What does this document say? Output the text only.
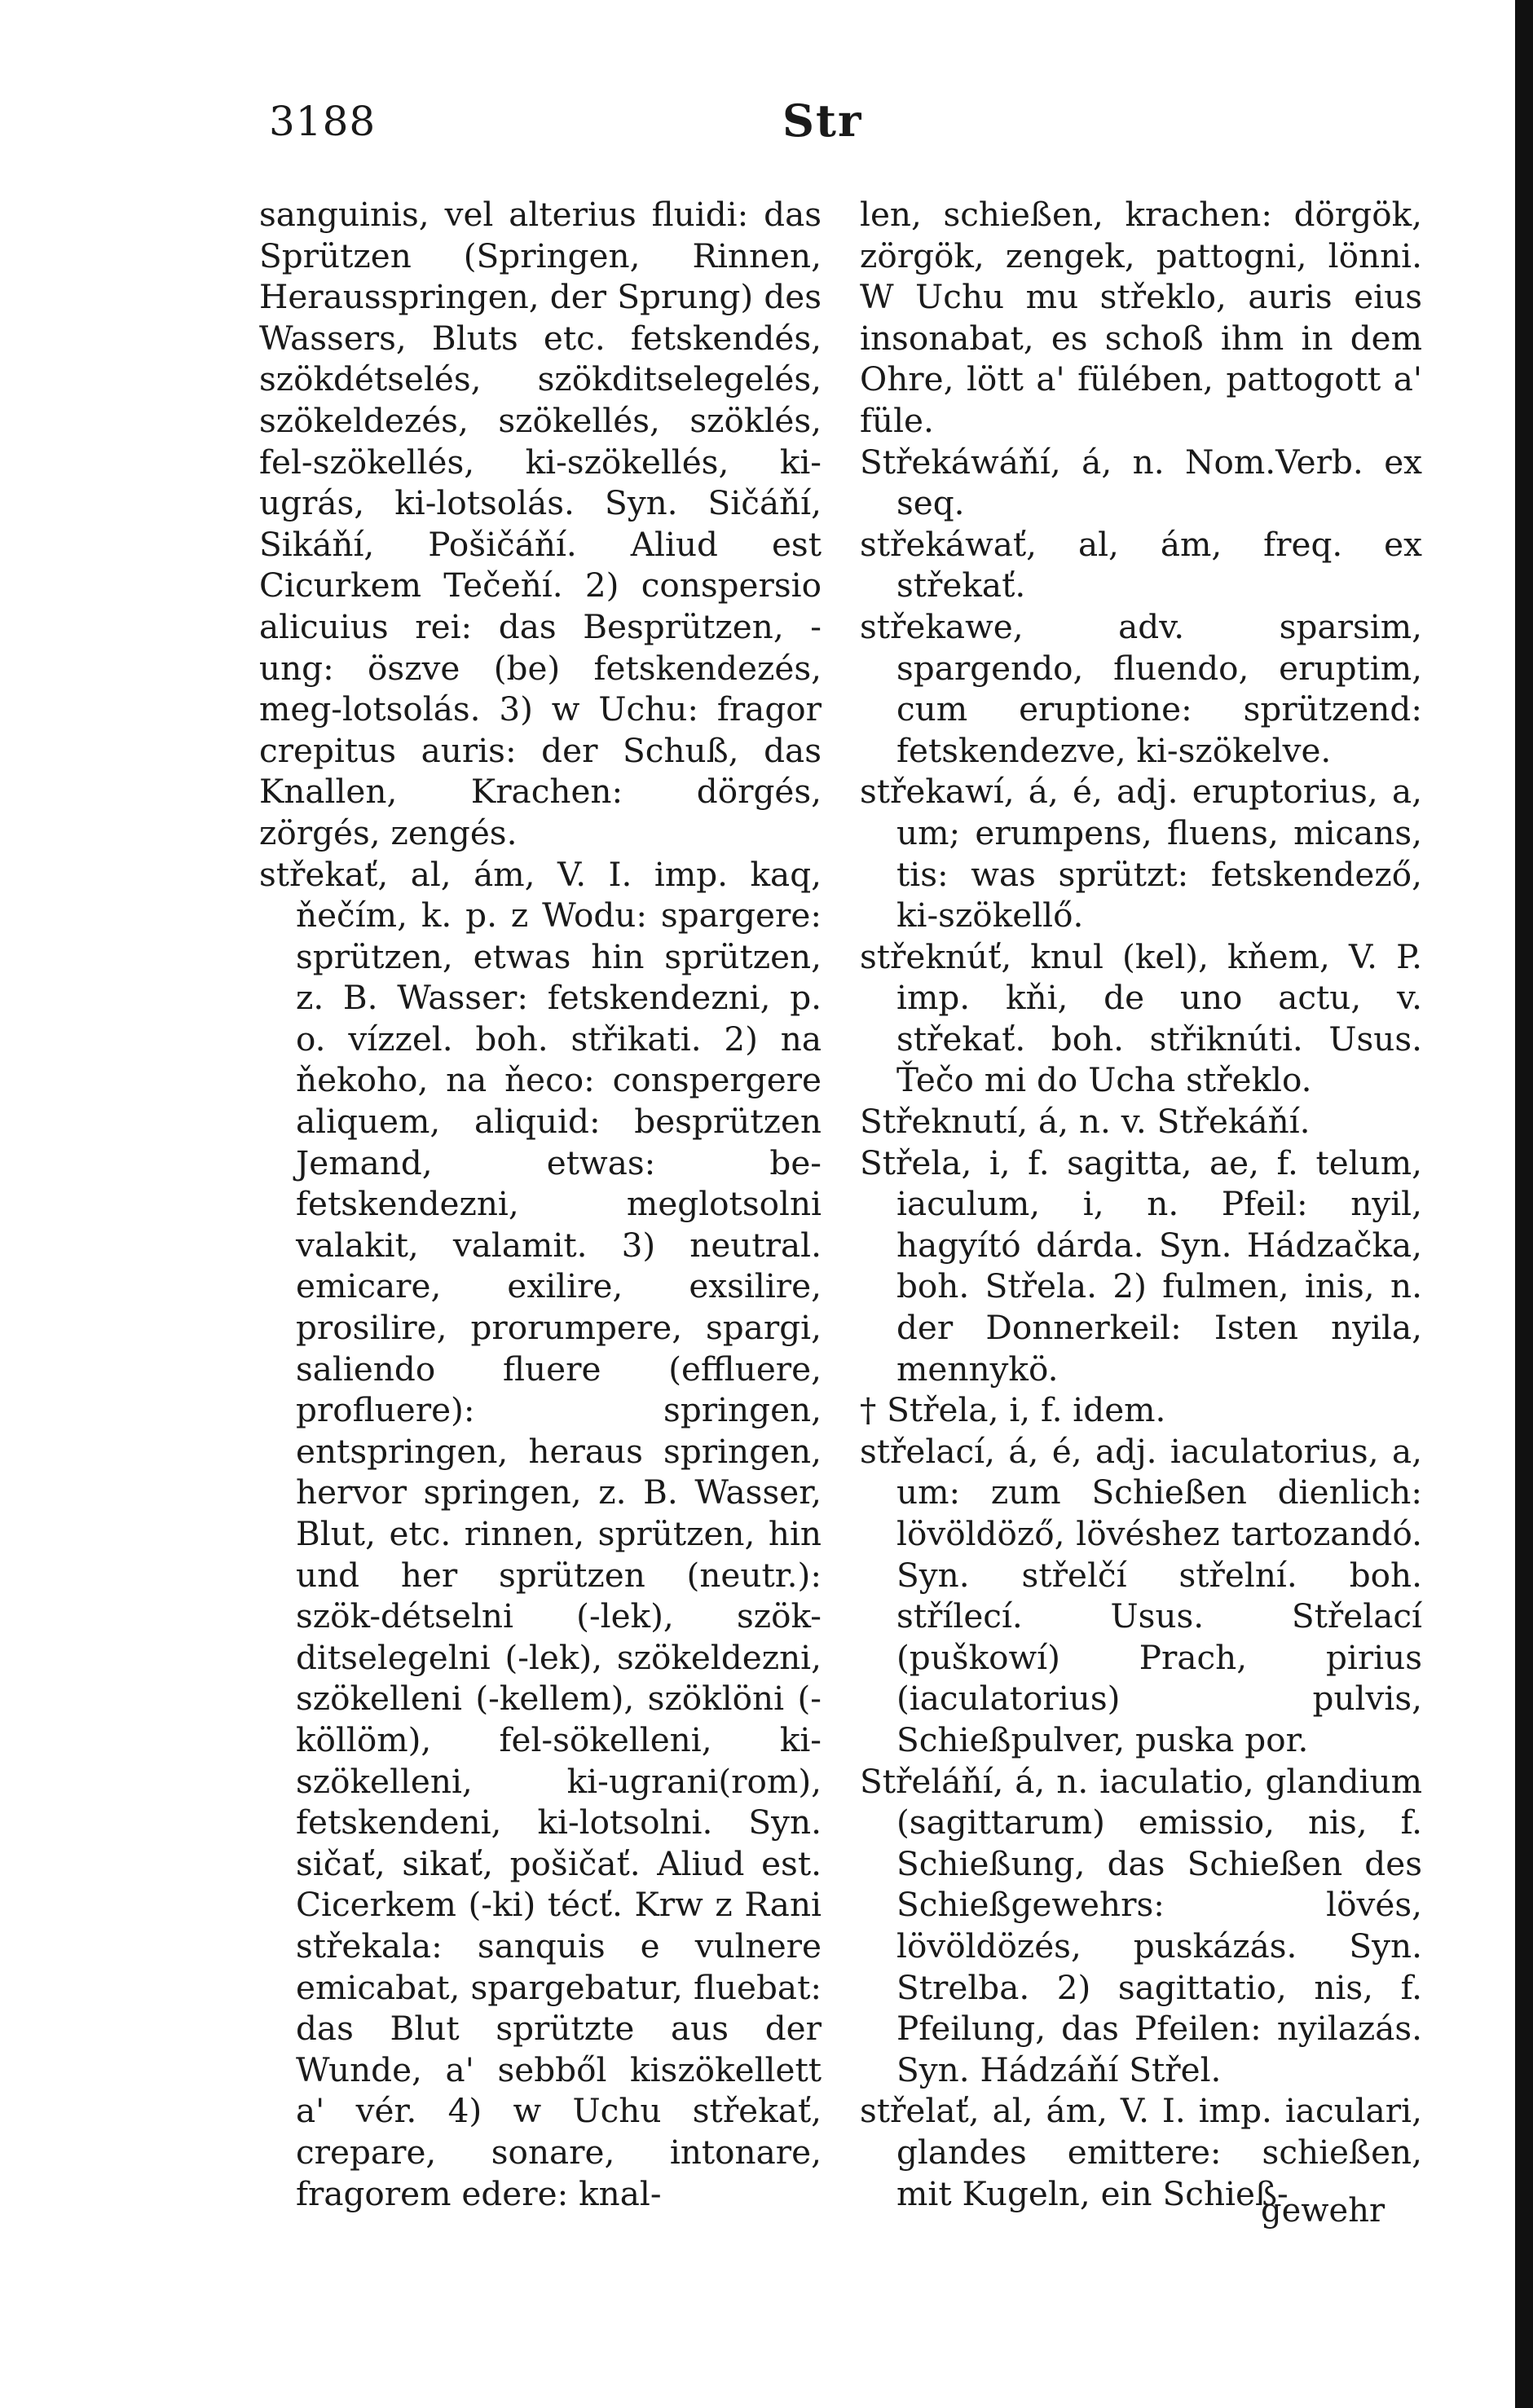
3188	Str

sanguinis, vel alterius fluidi: das Sprützen (Springen, Rinnen, Herausspringen, der Sprung) des Wassers, Bluts etc. fetskendés, szökdétselés, szökditselegelés, szökeldezés, szökellés, szöklés, fel-szökellés, ki-szökellés, ki-ugrás, ki-lotsolás. Syn. Sičáňí, Sikáňí, Pošičáňí. Aliud est Cicurkem Tečeňí. 2) conspersio alicuius rei: das Besprützen, -ung: öszve (be) fetskendezés, meg-lotsolás. 3) w Uchu: fragor crepitus auris: der Schuß, das Knallen, Krachen: dörgés, zörgés, zengés.

střekať, al, ám, V. I. imp. kaq, ňečím, k. p. z Wodu: spargere: sprützen, etwas hin sprützen, z. B. Wasser: fetskendezni, p. o. vízzel. boh. střikati. 2) na ňekoho, na ňeco: conspergere aliquem, aliquid: besprützen Jemand, etwas: be-fetskendezni, meglotsolni valakit, valamit. 3) neutral. emicare, exilire, exsilire, prosilire, prorumpere, spargi, saliendo fluere (effluere, profluere): springen, entspringen, heraus springen, hervor springen, z. B. Wasser, Blut, etc. rinnen, sprützen, hin und her sprützen (neutr.): szök-détselni (-lek), szök-ditselegelni (-lek), szökeldezni, szökelleni (-kellem), szöklöni (-köllöm), fel-sökelleni, ki-szökelleni, ki-ugrani(rom), fetskendeni, ki-lotsolni. Syn. sičať, sikať, pošičať. Aliud est. Cicerkem (-ki) técť. Krw z Rani střekala: sanquis e vulnere emicabat, spargebatur, fluebat: das Blut sprützte aus der Wunde, a' sebből kiszökellett a' vér. 4) w Uchu střekať, crepare, sonare, intonare, fragorem edere: knal-

len, schießen, krachen: dörgök, zörgök, zengek, pattogni, lönni. W Uchu mu střeklo, auris eius insonabat, es schoß ihm in dem Ohre, lött a' fülében, pattogott a' füle.

Střekáwáňí, á, n. Nom.Verb. ex seq.

střekáwať, al, ám, freq. ex střekať.

střekawe, adv. sparsim, spargendo, fluendo, eruptim, cum eruptione: sprützend: fetskendezve, ki-szökelve.

střekawí, á, é, adj. eruptorius, a, um; erumpens, fluens, micans, tis: was sprützt: fetskendező, ki-szökellő.

střeknúť, knul (kel), kňem, V. P. imp. kňi, de uno actu, v. střekať. boh. střiknúti. Usus. Ťečo mi do Ucha střeklo.

Střeknutí, á, n. v. Střekáňí.

Střela, i, f. sagitta, ae, f. telum, iaculum, i, n. Pfeil: nyil, hagyító dárda. Syn. Hádzačka, boh. Střela. 2) fulmen, inis, n. der Donnerkeil: Isten nyila, mennykö.

† Střela, i, f. idem.

střelací, á, é, adj. iaculatorius, a, um: zum Schießen dienlich: lövöldöző, lövéshez tartozandó. Syn. střelčí střelní. boh. střílecí. Usus. Střelací (puškowí) Prach, pirius (iaculatorius) pulvis, Schießpulver, puska por.

Střeláňí, á, n. iaculatio, glandium (sagittarum) emissio, nis, f. Schießung, das Schießen des Schießgewehrs: lövés, lövöldözés, puskázás. Syn. Strelba. 2) sagittatio, nis, f. Pfeilung, das Pfeilen: nyilazás. Syn. Hádzáňí Střel.

střelať, al, ám, V. I. imp. iaculari, glandes emittere: schießen, mit Kugeln, ein Schieß-

gewehr
